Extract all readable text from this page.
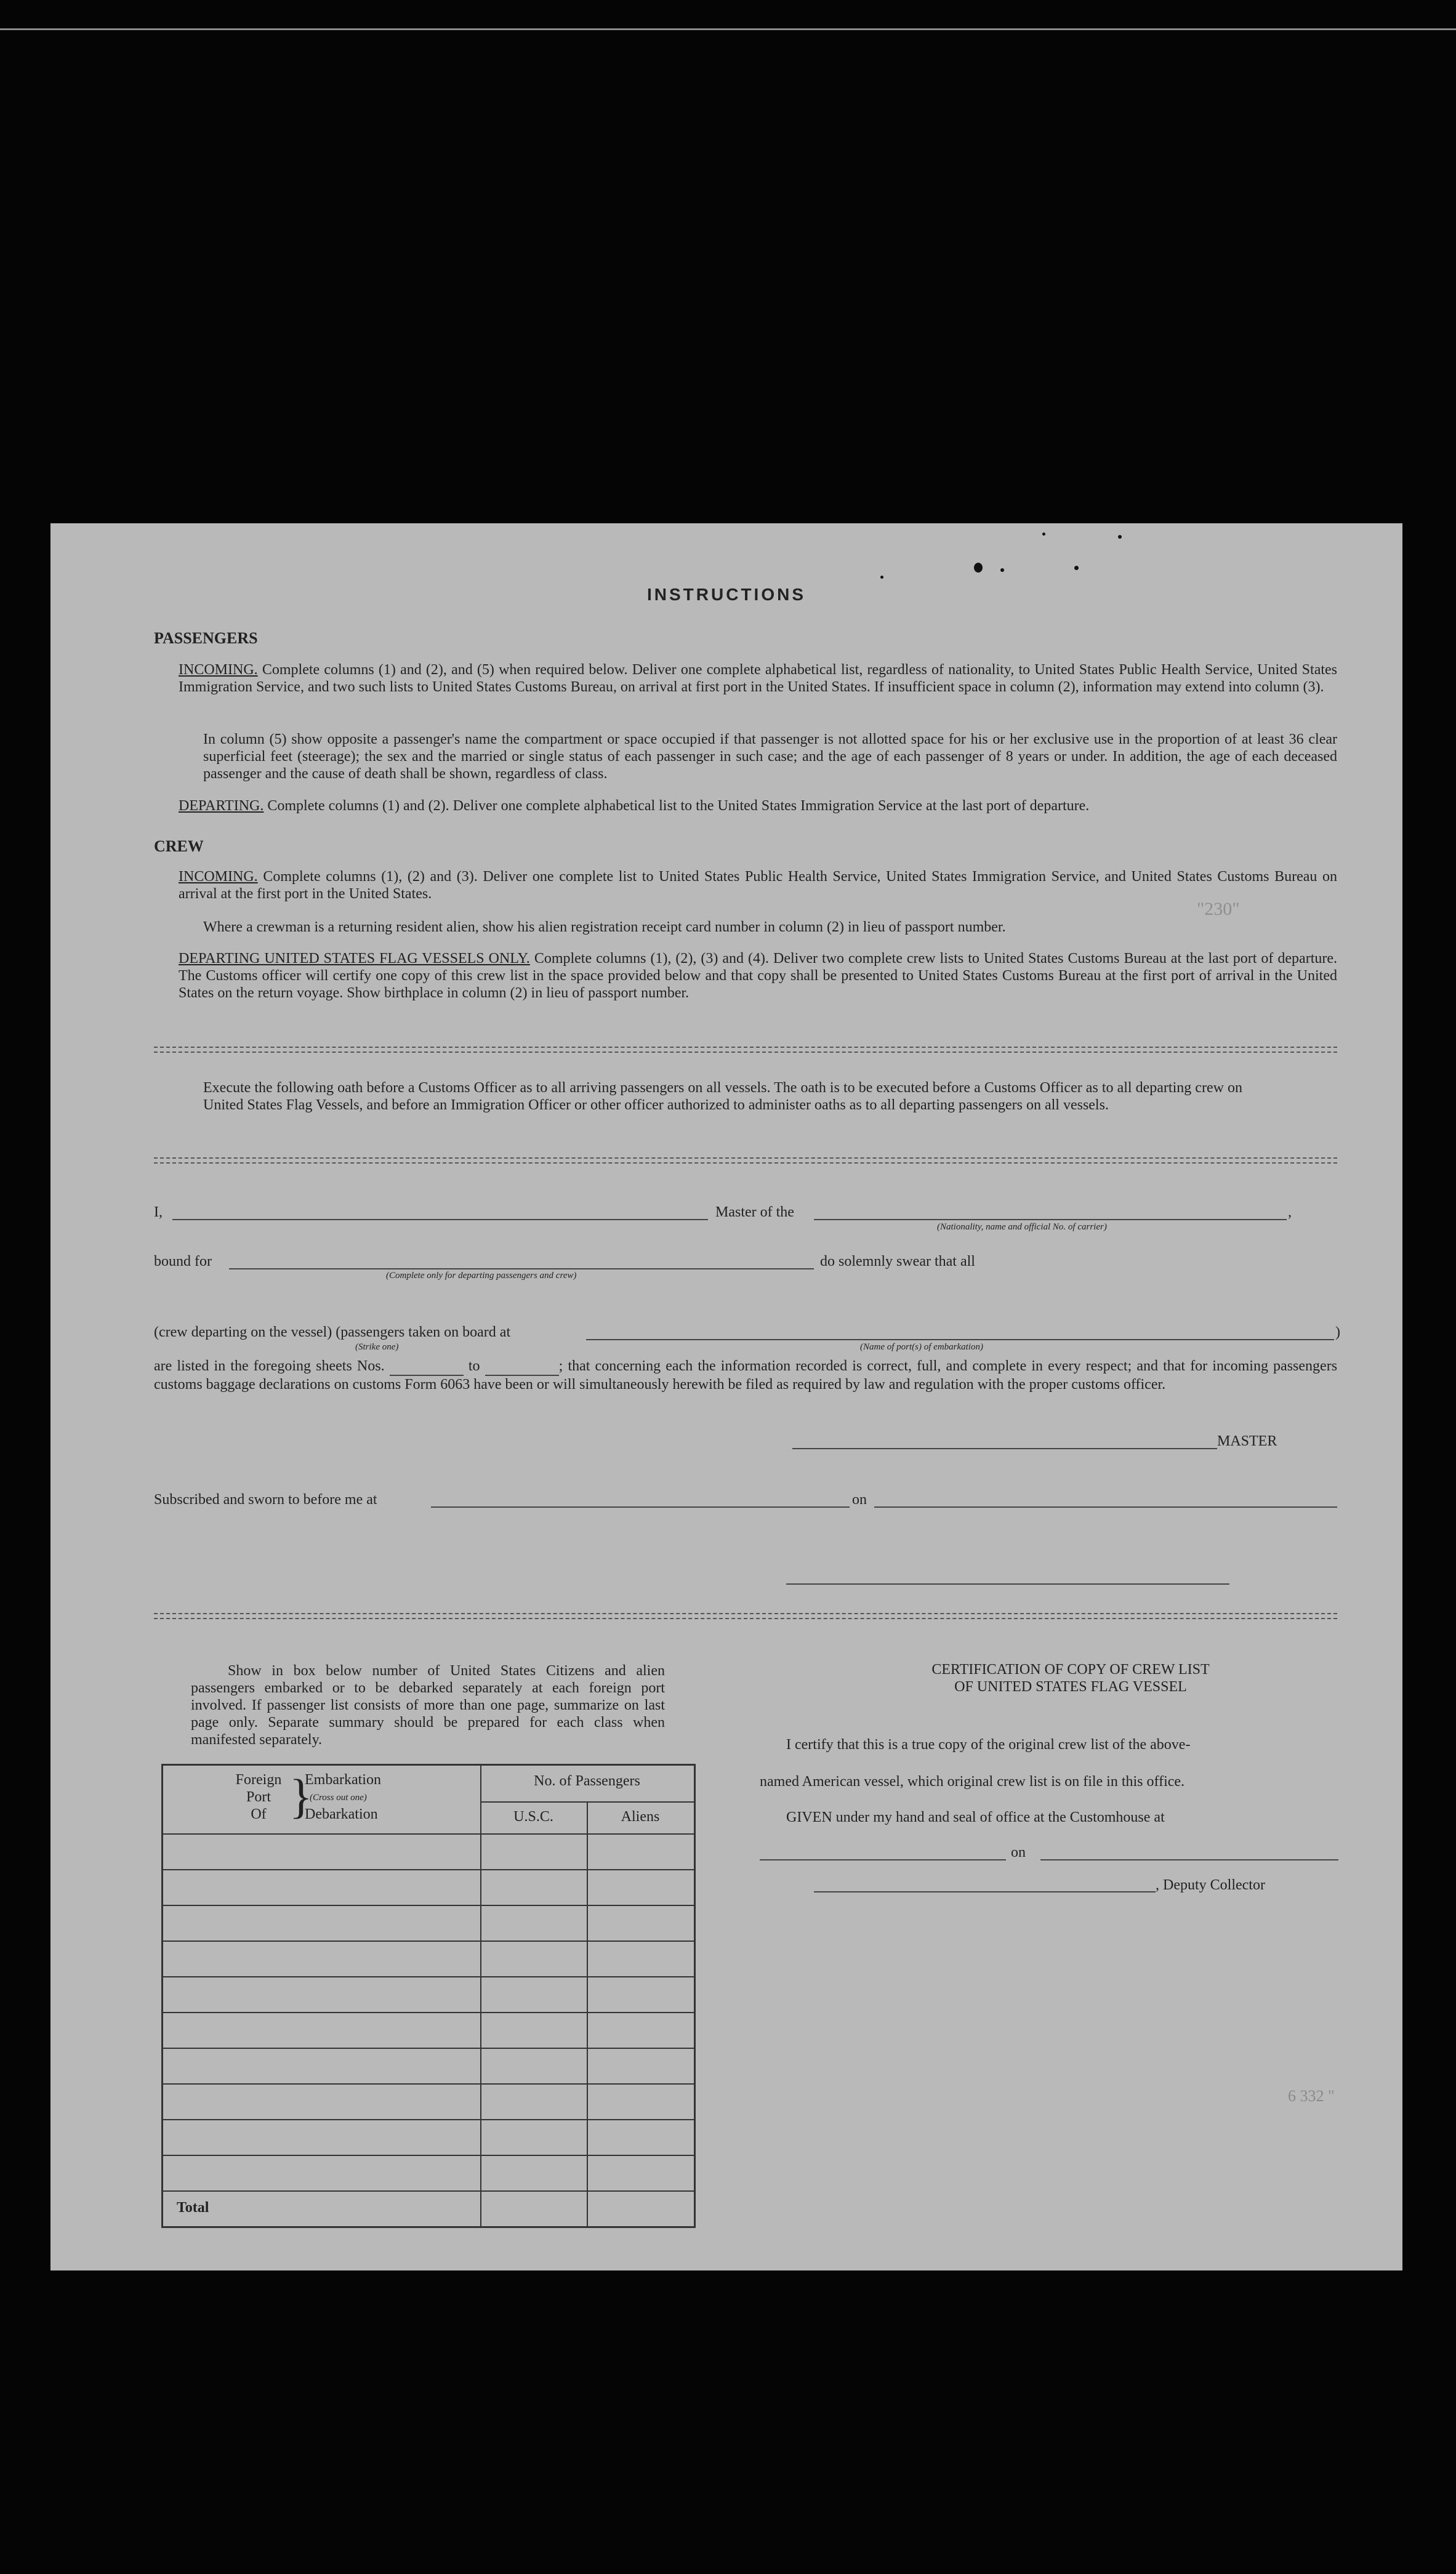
INSTRUCTIONS
PASSENGERS
INCOMING. Complete columns (1) and (2), and (5) when required below. Deliver one complete alphabetical list, regardless of nationality, to United States Public Health Service, United States Immigration Service, and two such lists to United States Customs Bureau, on arrival at first port in the United States. If insufficient space in column (2), information may extend into column (3).
In column (5) show opposite a passenger's name the compartment or space occupied if that passenger is not allotted space for his or her exclusive use in the proportion of at least 36 clear superficial feet (steerage); the sex and the married or single status of each passenger in such case; and the age of each passenger of 8 years or under. In addition, the age of each deceased passenger and the cause of death shall be shown, regardless of class.
DEPARTING. Complete columns (1) and (2). Deliver one complete alphabetical list to the United States Immigration Service at the last port of departure.
CREW
INCOMING. Complete columns (1), (2) and (3). Deliver one complete list to United States Public Health Service, United States Immigration Service, and United States Customs Bureau on arrival at the first port in the United States.
Where a crewman is a returning resident alien, show his alien registration receipt card number in column (2) in lieu of passport number.
"230"
DEPARTING UNITED STATES FLAG VESSELS ONLY. Complete columns (1), (2), (3) and (4). Deliver two complete crew lists to United States Customs Bureau at the last port of departure. The Customs officer will certify one copy of this crew list in the space provided below and that copy shall be presented to United States Customs Bureau at the first port of arrival in the United States on the return voyage. Show birthplace in column (2) in lieu of passport number.
Execute the following oath before a Customs Officer as to all arriving passengers on all vessels. The oath is to be executed before a Customs Officer as to all departing crew on United States Flag Vessels, and before an Immigration Officer or other officer authorized to administer oaths as to all departing passengers on all vessels.
I,	Master of the	,
(Nationality, name and official No. of carrier)
bound for
(Complete only for departing passengers and crew)
do solemnly swear that all
(crew departing on the vessel) (passengers taken on board at	)
(Strike one)	(Name of port(s) of embarkation)
are listed in the foregoing sheets Nos.	to	; that concerning each the information recorded is correct, full, and complete in every respect; and that for incoming passengers customs baggage declarations on customs Form 6063 have been or will simultaneously herewith be filed as required by law and regulation with the proper customs officer.
MASTER
Subscribed and sworn to before me at	on
Show in box below number of United States Citizens and alien passengers embarked or to be debarked separately at each foreign port involved. If passenger list consists of more than one page, summarize on last page only. Separate summary should be prepared for each class when manifested separately.
Foreign
Port
Of }
Embarkation
(Cross out one)
Debarkation
No. of Passengers
U.S.C.	Aliens
Total
CERTIFICATION OF COPY OF CREW LIST
OF UNITED STATES FLAG VESSEL
I certify that this is a true copy of the original crew list of the above-
named American vessel, which original crew list is on file in this office.
GIVEN under my hand and seal of office at the Customhouse at
on
, Deputy Collector
6 332 "
